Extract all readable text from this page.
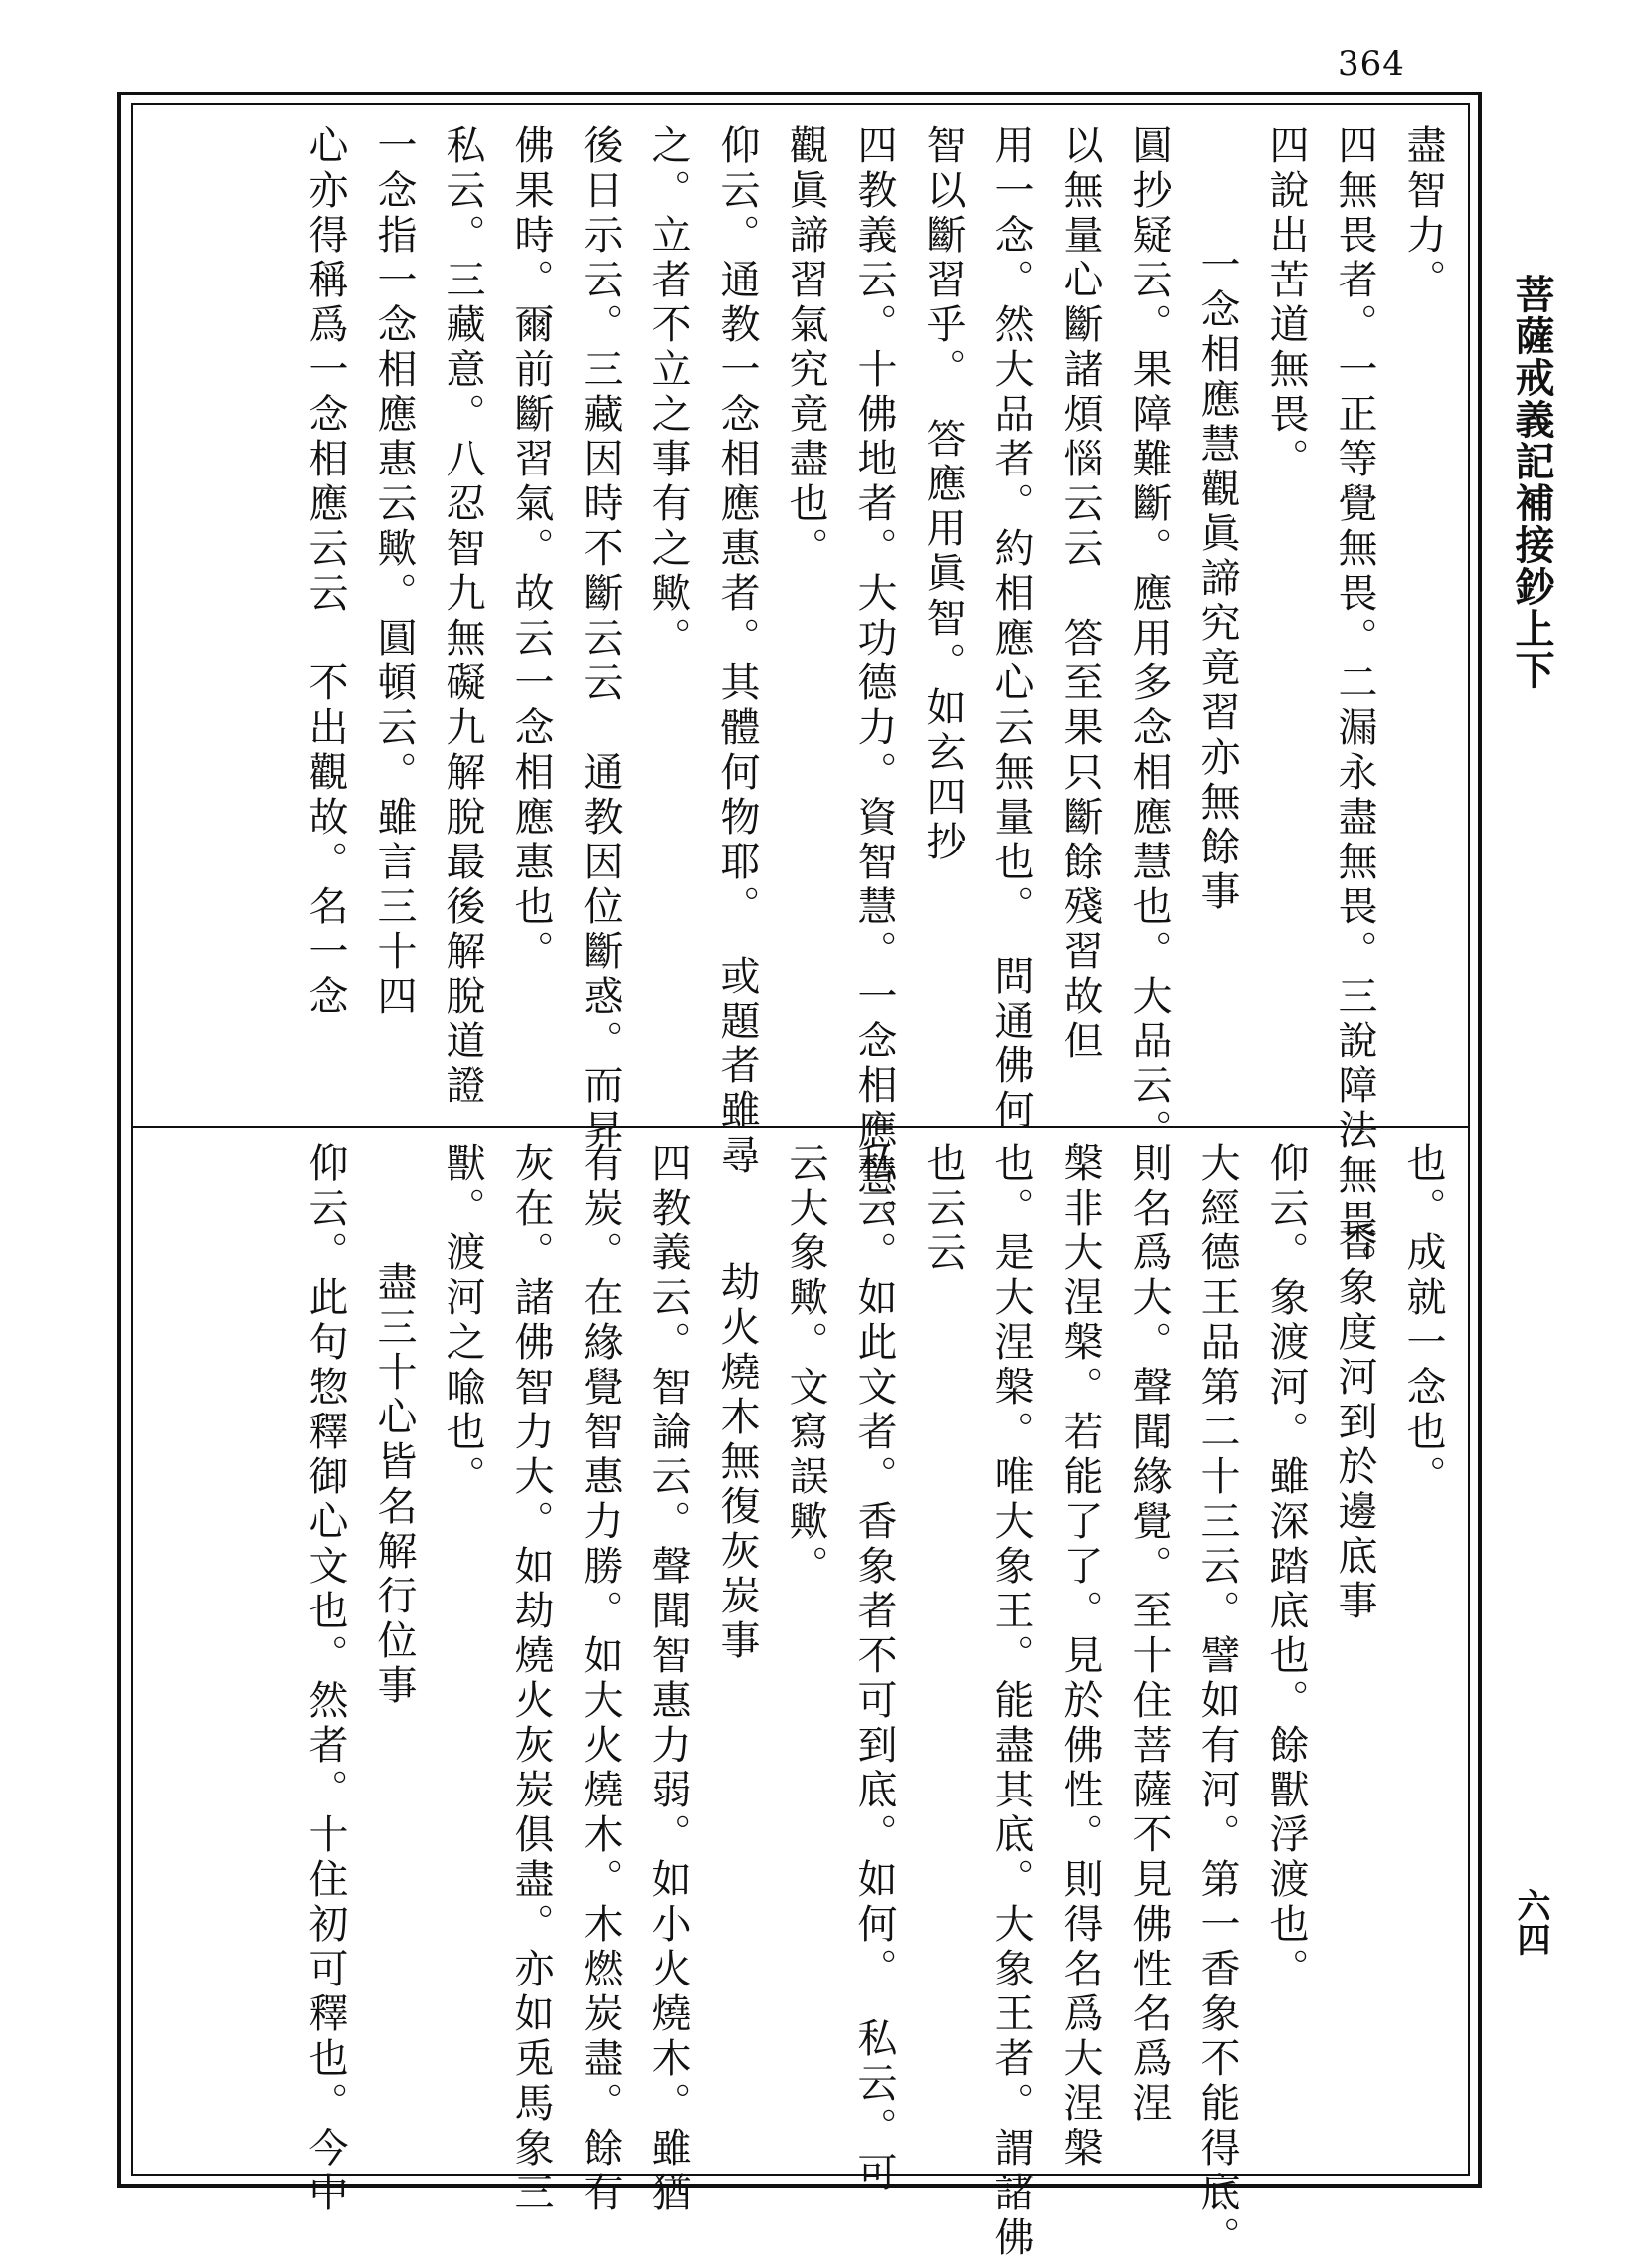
364
菩薩戒義記補接鈔上下
六四
盡智力。
四無畏者。一正等覺無畏。二漏永盡無畏。三說障法無畏。
四說出苦道無畏。
一念相應慧觀眞諦究竟習亦無餘事
圓抄疑云。果障難斷。應用多念相應慧也。大品云。
以無量心斷諸煩惱云云　答至果只斷餘殘習故但
用一念。然大品者。約相應心云無量也。　問通佛何
智以斷習乎。　答應用眞智。如玄四抄
四教義云。十佛地者。大功德力。資智慧。一念相應慧。
觀眞諦習氣究竟盡也。
仰云。通教一念相應惠者。其體何物耶。　或題者雖尋
之。立者不立之事有之歟。
後日示云。三藏因時不斷云云　通教因位斷惑。而昇
佛果時。爾前斷習氣。故云一念相應惠也。
私云。三藏意。八忍智九無礙九解脫最後解脫道證
一念指一念相應惠云歟。圓頓云。雖言三十四
心亦得稱爲一念相應云云　不出觀故。名一念
也。成就一念也。
香象度河到於邊底事
仰云。象渡河。雖深踏底也。餘獸浮渡也。
大經德王品第二十三云。譬如有河。第一香象不能得底。
則名爲大。聲聞緣覺。至十住菩薩不見佛性名爲涅
槃非大涅槃。若能了了。見於佛性。則得名爲大涅槃
也。是大涅槃。唯大象王。能盡其底。大象王者。謂諸佛
也云云
私云。如此文者。香象者不可到底。如何。　私云。可
云大象歟。文寫誤歟。
劫火燒木無復灰炭事
四教義云。智論云。聲聞智惠力弱。如小火燒木。雖猶
有炭。在緣覺智惠力勝。如大火燒木。木燃炭盡。餘有
灰在。諸佛智力大。如劫燒火灰炭俱盡。亦如兎馬象三
獸。渡河之喩也。
盡三十心皆名解行位事
仰云。此句惣釋御心文也。然者。十住初可釋也。今中
